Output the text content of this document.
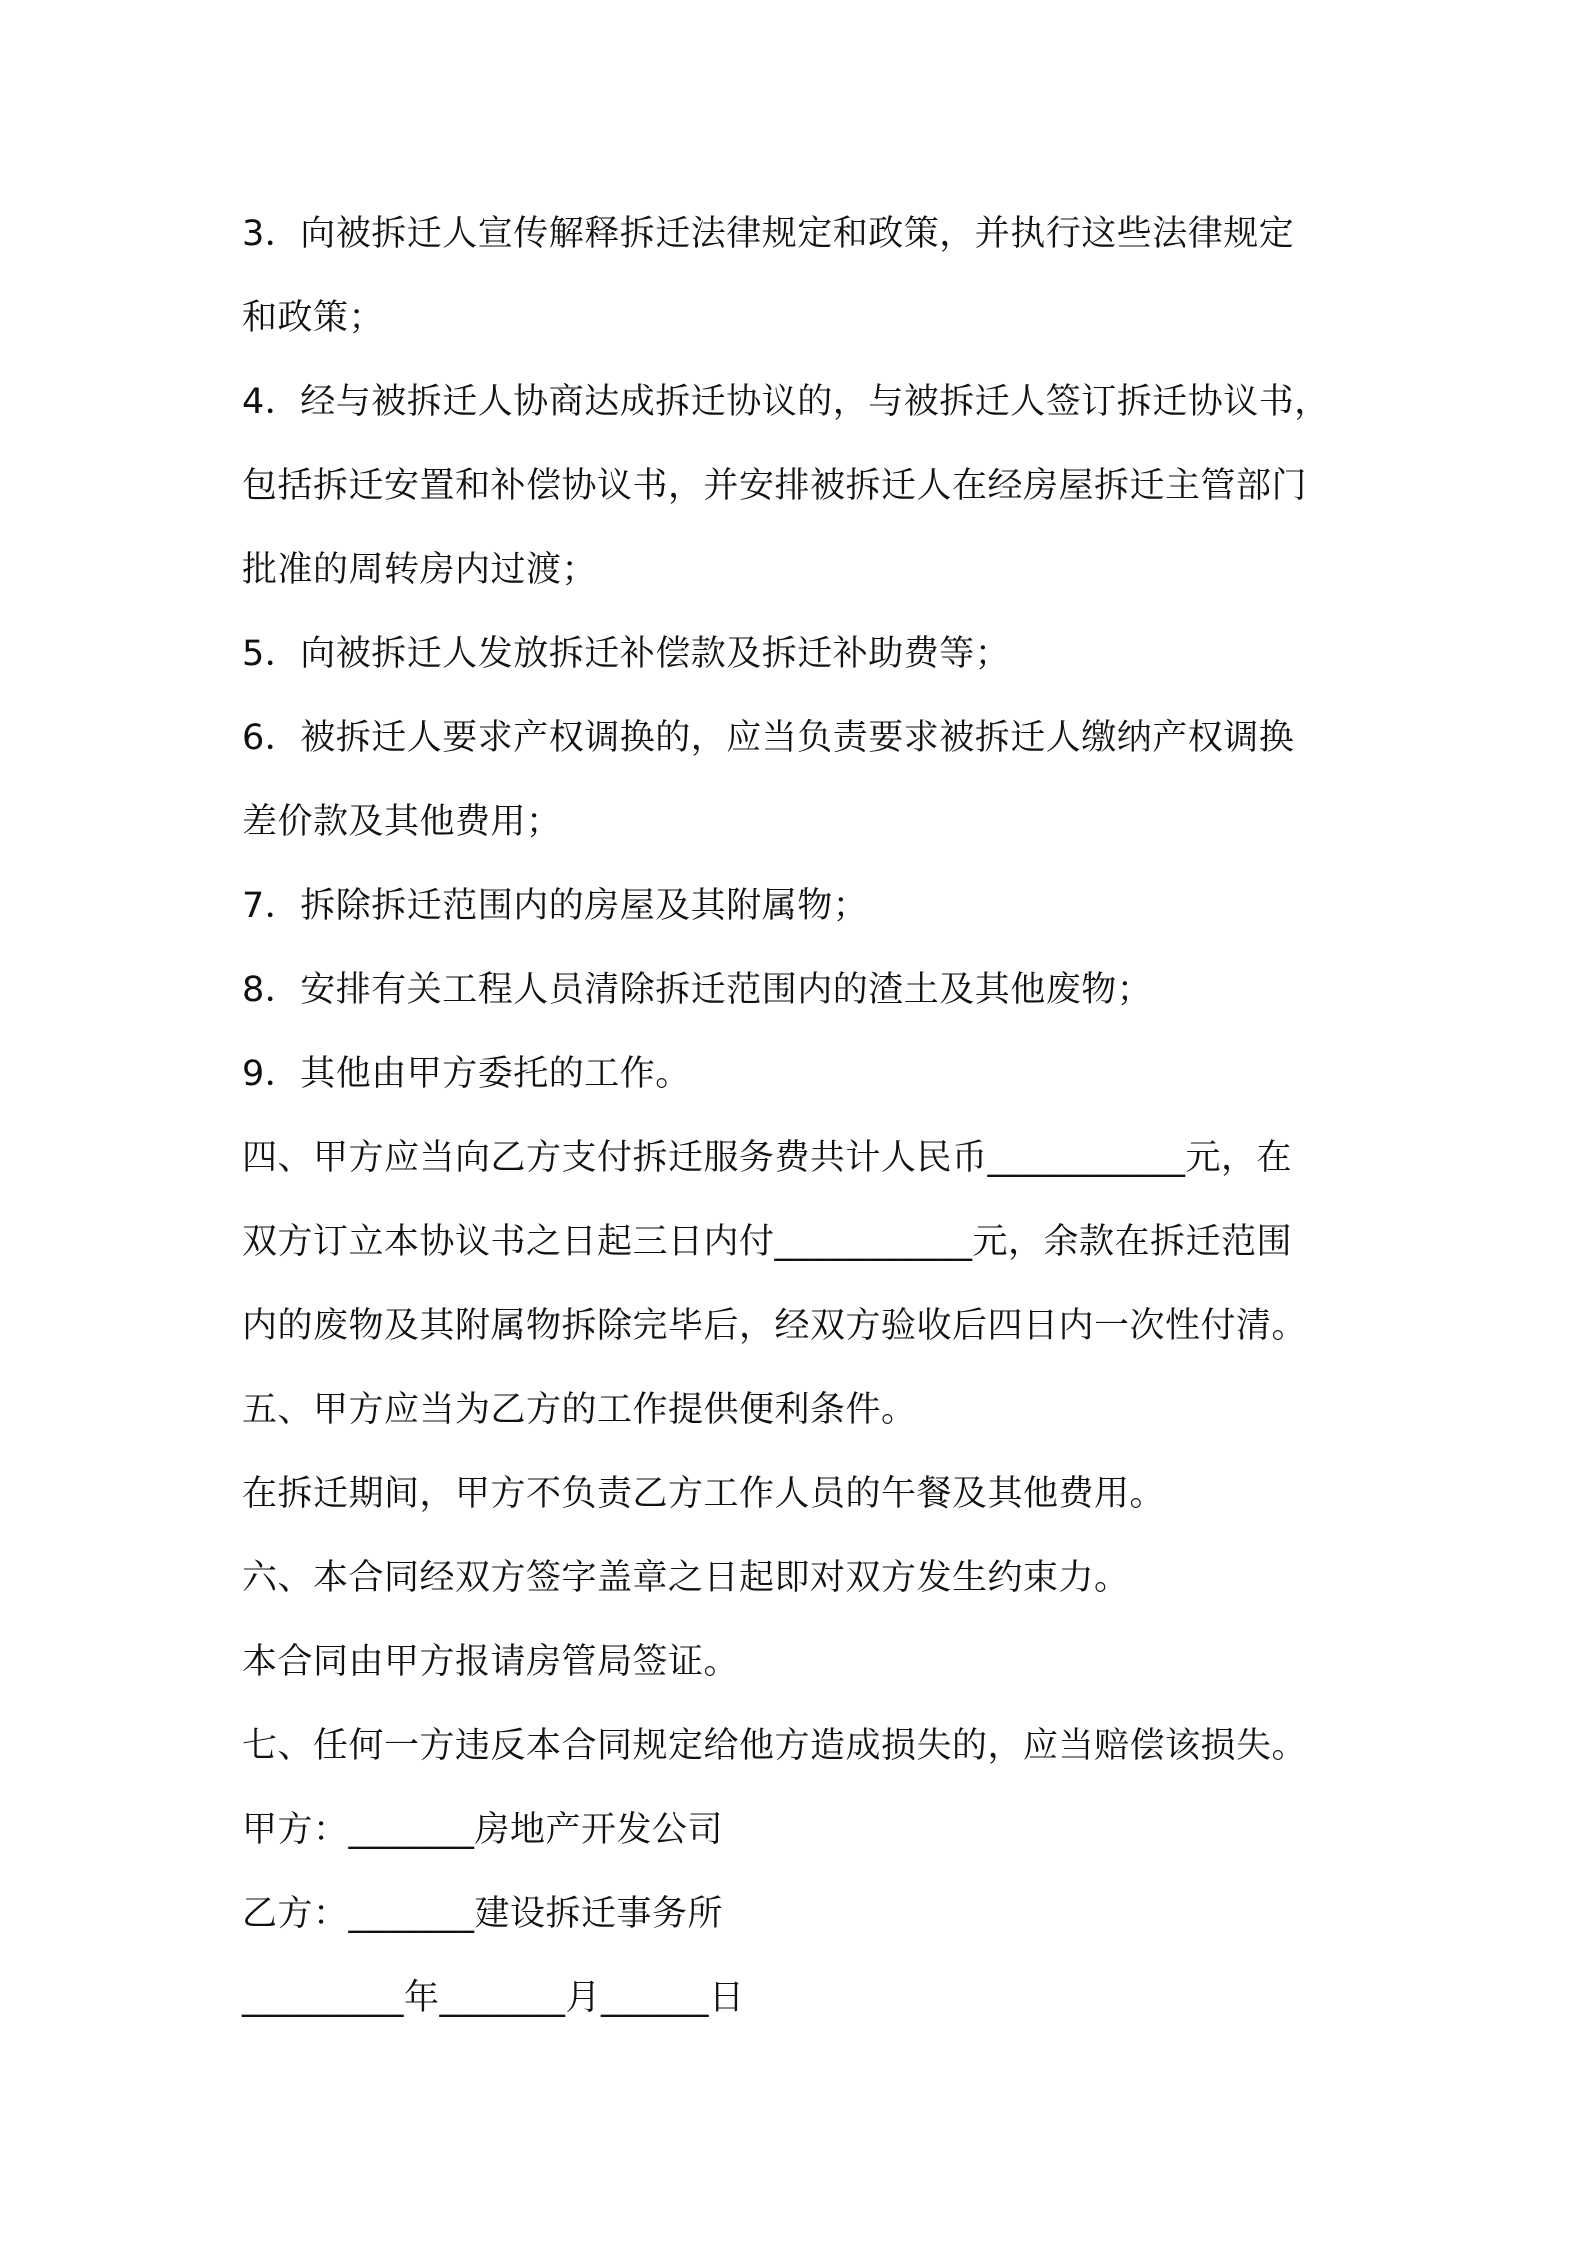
3．向被拆迁人宣传解释拆迁法律规定和政策，并执行这些法律规定
和政策；
4．经与被拆迁人协商达成拆迁协议的，与被拆迁人签订拆迁协议书，
包括拆迁安置和补偿协议书，并安排被拆迁人在经房屋拆迁主管部门
批准的周转房内过渡；
5．向被拆迁人发放拆迁补偿款及拆迁补助费等；
6．被拆迁人要求产权调换的，应当负责要求被拆迁人缴纳产权调换
差价款及其他费用；
7．拆除拆迁范围内的房屋及其附属物；
8．安排有关工程人员清除拆迁范围内的渣土及其他废物；
9．其他由甲方委托的工作。
四、甲方应当向乙方支付拆迁服务费共计人民币___________元，在
双方订立本协议书之日起三日内付___________元，余款在拆迁范围
内的废物及其附属物拆除完毕后，经双方验收后四日内一次性付清。
五、甲方应当为乙方的工作提供便利条件。
在拆迁期间，甲方不负责乙方工作人员的午餐及其他费用。
六、本合同经双方签字盖章之日起即对双方发生约束力。
本合同由甲方报请房管局签证。
七、任何一方违反本合同规定给他方造成损失的，应当赔偿该损失。
甲方：_______房地产开发公司
乙方：_______建设拆迁事务所
_________年_______月______日
